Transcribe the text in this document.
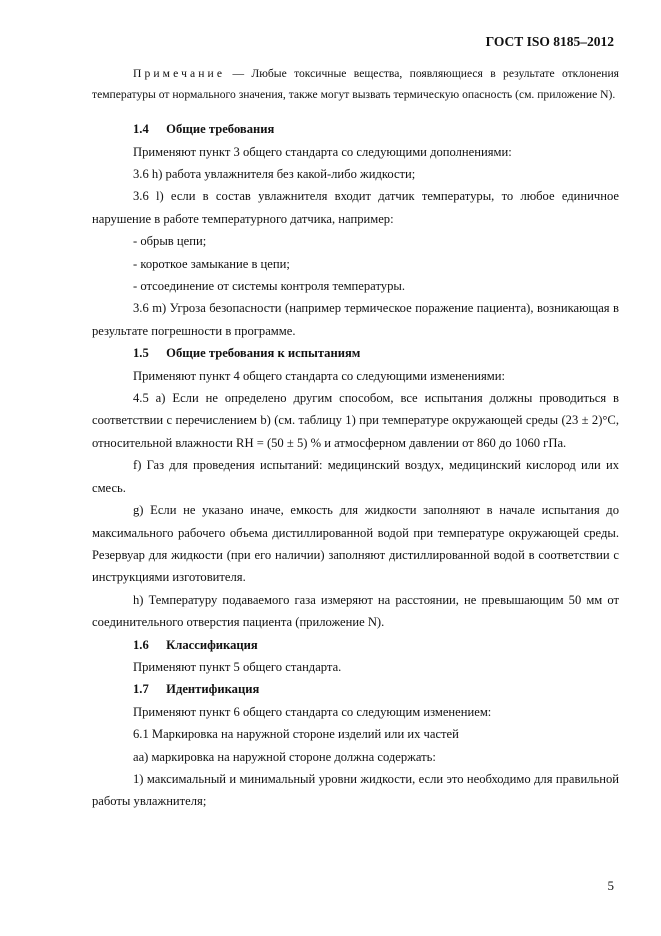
ГОСТ ISO 8185–2012

Примечание — Любые токсичные вещества, появляющиеся в результате отклонения температуры от нормального значения, также могут вызвать термическую опасность (см. приложение N).

1.4 Общие требования

Применяют пункт 3 общего стандарта со следующими дополнениями:

3.6 h) работа увлажнителя без какой-либо жидкости;

3.6 l) если в состав увлажнителя входит датчик температуры, то любое единичное нарушение в работе температурного датчика, например:

- обрыв цепи;

- короткое замыкание в цепи;

- отсоединение от системы контроля температуры.

3.6 m) Угроза безопасности (например термическое поражение пациента), возникающая в результате погрешности в программе.

1.5 Общие требования к испытаниям

Применяют пункт 4 общего стандарта со следующими изменениями:

4.5 a) Если не определено другим способом, все испытания должны проводиться в соответствии с перечислением b) (см. таблицу 1) при температуре окружающей среды (23 ± 2)°С, относительной влажности RH = (50 ± 5) % и атмосферном давлении от 860 до 1060 гПа.

f) Газ для проведения испытаний: медицинский воздух, медицинский кислород или их смесь.

g) Если не указано иначе, емкость для жидкости заполняют в начале испытания до максимального рабочего объема дистиллированной водой при температуре окружающей среды. Резервуар для жидкости (при его наличии) заполняют дистиллированной водой в соответствии с инструкциями изготовителя.

h) Температуру подаваемого газа измеряют на расстоянии, не превышающим 50 мм от соединительного отверстия пациента (приложение N).

1.6 Классификация

Применяют пункт 5 общего стандарта.

1.7 Идентификация

Применяют пункт 6 общего стандарта со следующим изменением:

6.1 Маркировка на наружной стороне изделий или их частей

аа) маркировка на наружной стороне должна содержать:

1) максимальный и минимальный уровни жидкости, если это необходимо для правильной работы увлажнителя;

5
